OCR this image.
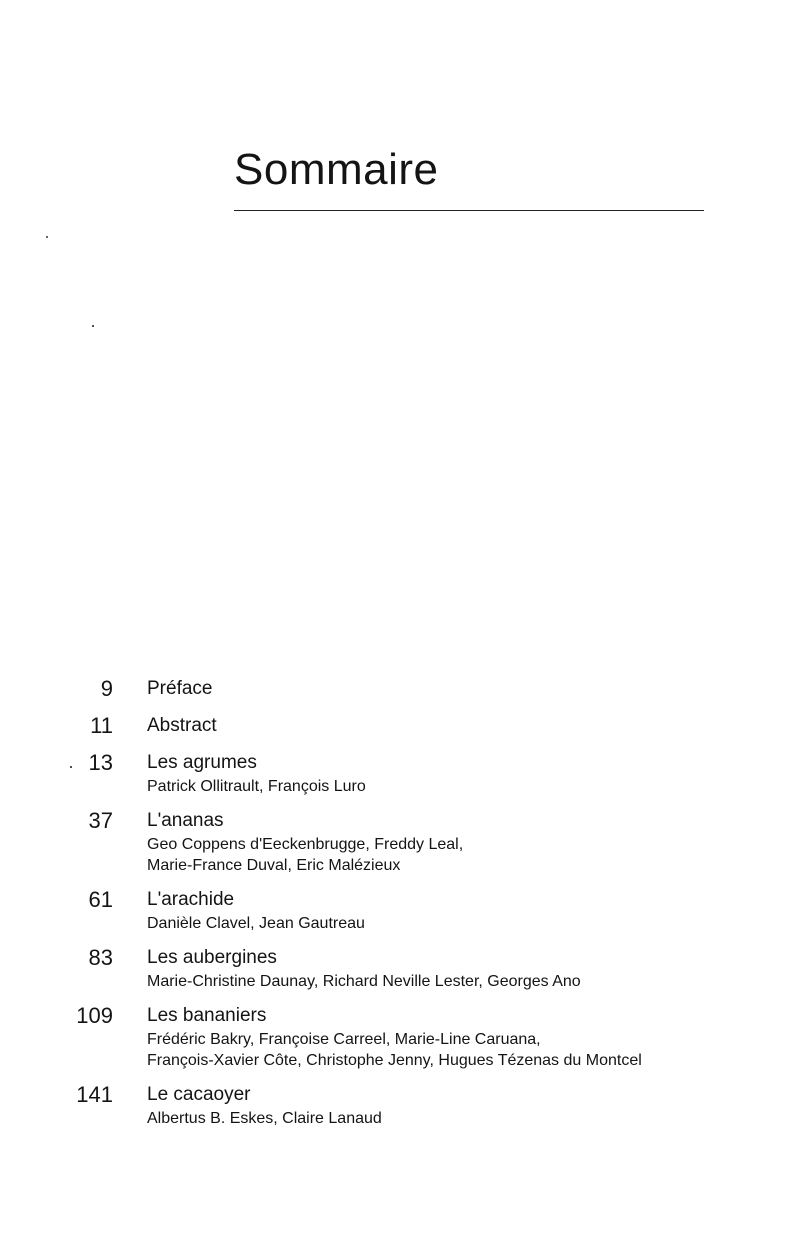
Sommaire
9 Préface
11 Abstract
13 Les agrumes
Patrick Ollitrault, François Luro
37 L'ananas
Geo Coppens d'Eeckenbrugge, Freddy Leal,
Marie-France Duval, Eric Malézieux
61 L'arachide
Danièle Clavel, Jean Gautreau
83 Les aubergines
Marie-Christine Daunay, Richard Neville Lester, Georges Ano
109 Les bananiers
Frédéric Bakry, Françoise Carreel, Marie-Line Caruana,
François-Xavier Côte, Christophe Jenny, Hugues Tézenas du Montcel
141 Le cacaoyer
Albertus B. Eskes, Claire Lanaud
